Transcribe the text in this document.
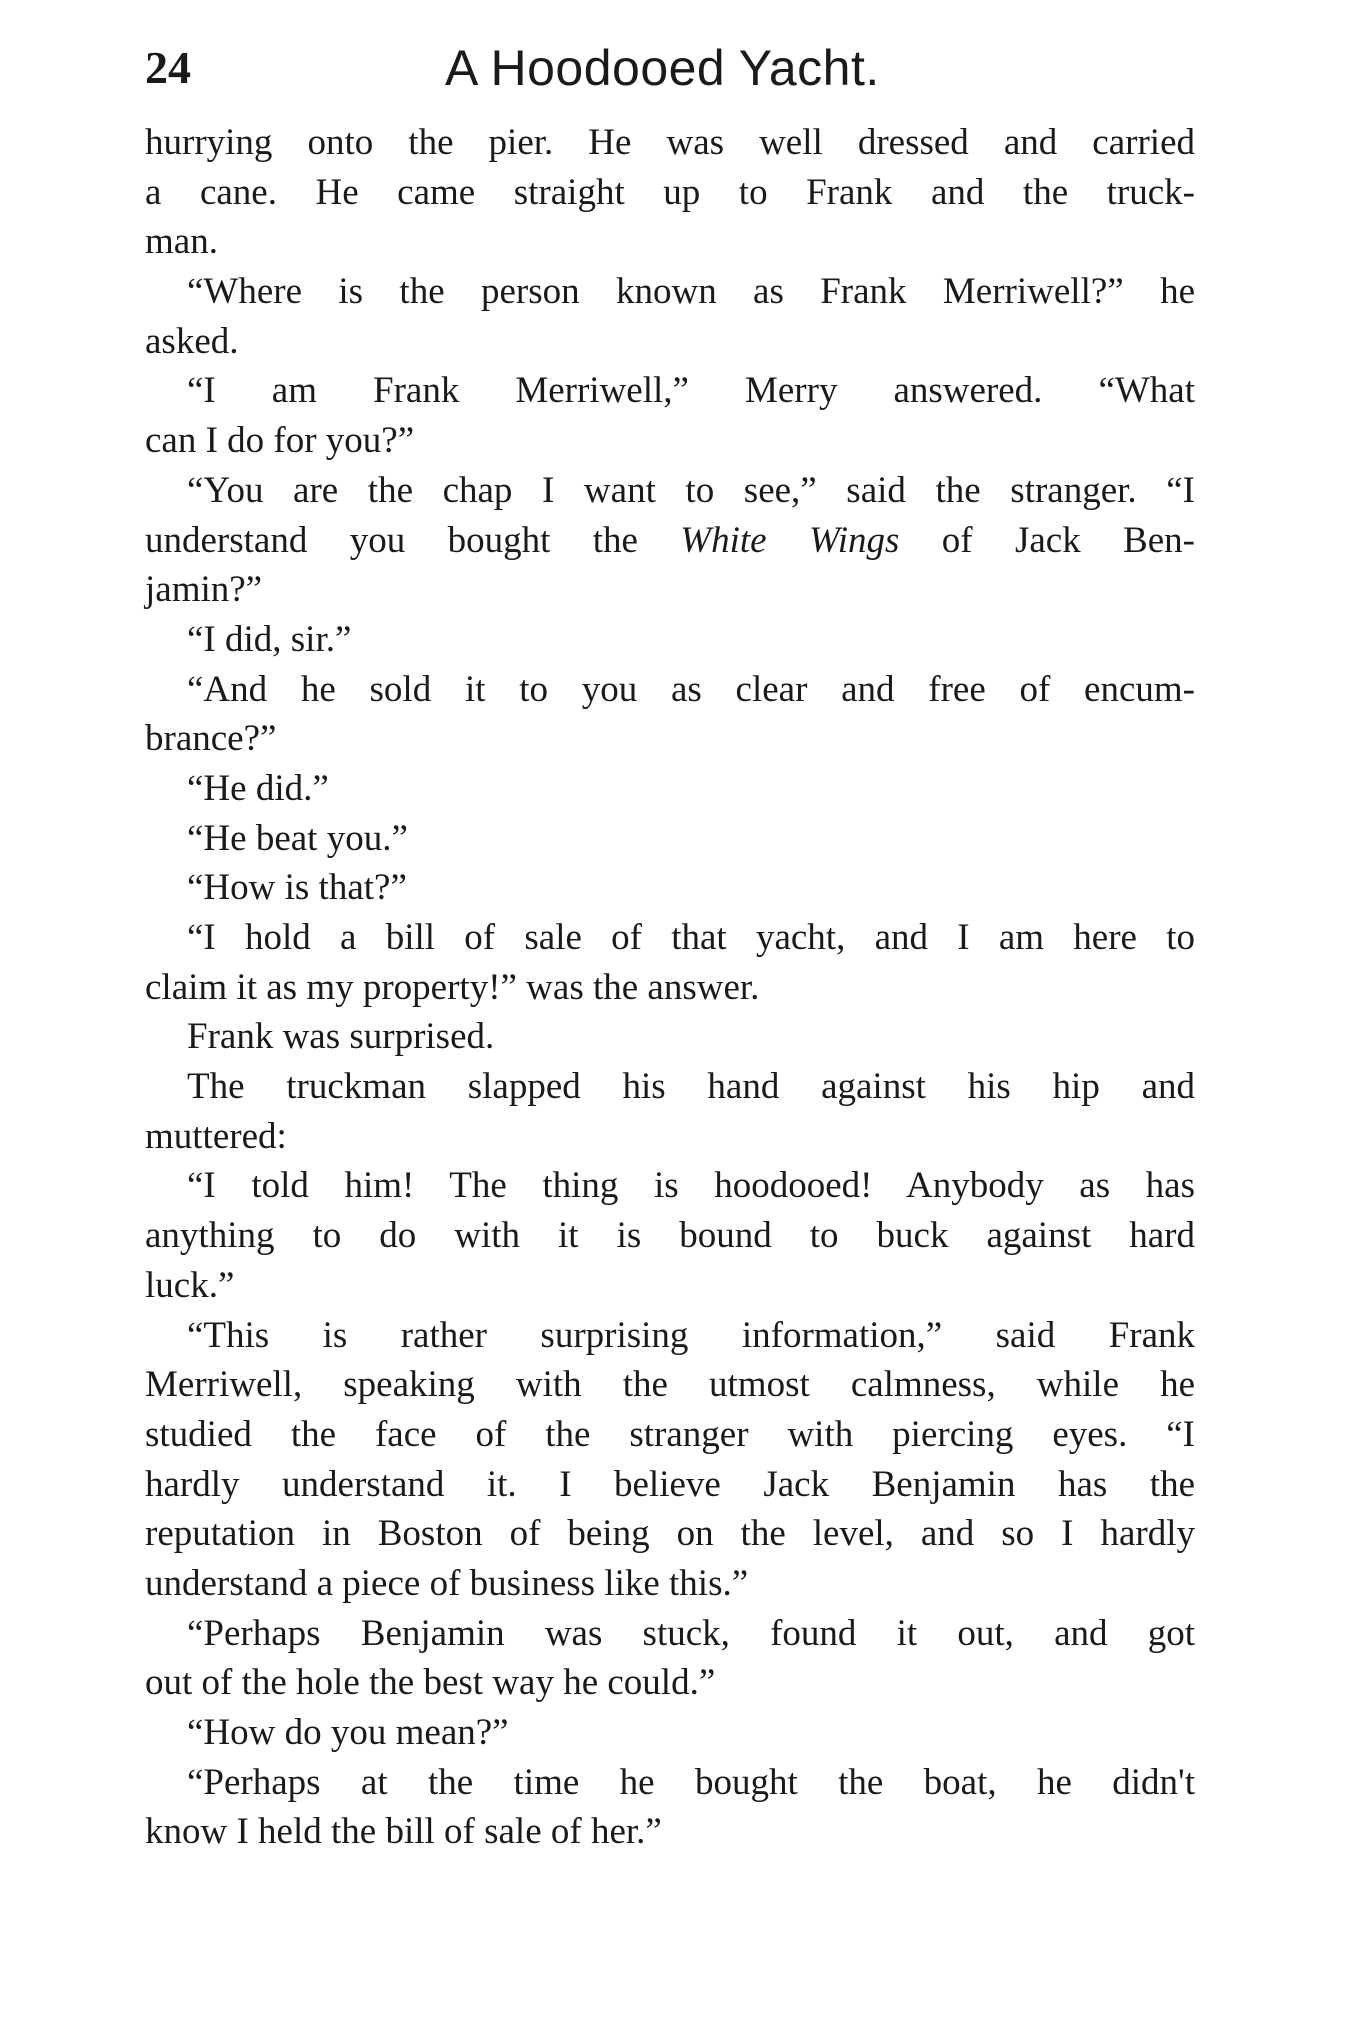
24	A Hoodooed Yacht.
hurrying onto the pier. He was well dressed and carried
a cane. He came straight up to Frank and the truck-
man.
“Where is the person known as Frank Merriwell?” he
asked.
“I am Frank Merriwell,” Merry answered. “What
can I do for you?”
“You are the chap I want to see,” said the stranger. “I
understand you bought the White Wings of Jack Ben-
jamin?”
“I did, sir.”
“And he sold it to you as clear and free of encum-
brance?”
“He did.”
“He beat you.”
“How is that?”
“I hold a bill of sale of that yacht, and I am here to
claim it as my property!” was the answer.
Frank was surprised.
The truckman slapped his hand against his hip and
muttered:
“I told him! The thing is hoodooed! Anybody as has
anything to do with it is bound to buck against hard
luck.”
“This is rather surprising information,” said Frank
Merriwell, speaking with the utmost calmness, while he
studied the face of the stranger with piercing eyes. “I
hardly understand it. I believe Jack Benjamin has the
reputation in Boston of being on the level, and so I hardly
understand a piece of business like this.”
“Perhaps Benjamin was stuck, found it out, and got
out of the hole the best way he could.”
“How do you mean?”
“Perhaps at the time he bought the boat, he didn't
know I held the bill of sale of her.”
